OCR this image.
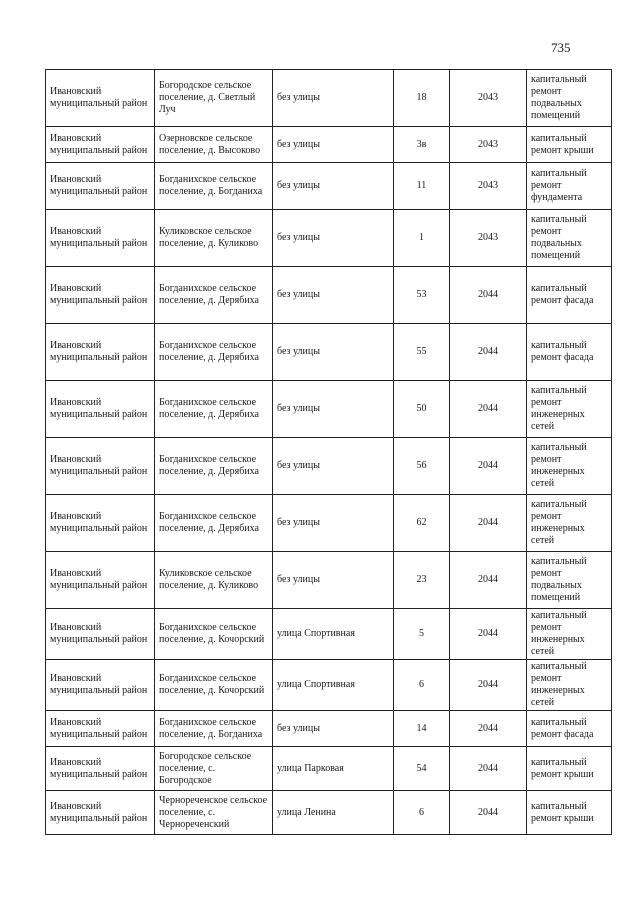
735
Ивановский муниципальный район	Богородское сельское поселение, д. Светлый Луч	без улицы	18	2043	капитальный ремонт подвальных помещений
Ивановский муниципальный район	Озерновское сельское поселение, д. Высоково	без улицы	3в	2043	капитальный ремонт крыши
Ивановский муниципальный район	Богданихское сельское поселение, д. Богданиха	без улицы	11	2043	капитальный ремонт фундамента
Ивановский муниципальный район	Куликовское сельское поселение, д. Куликово	без улицы	1	2043	капитальный ремонт подвальных помещений
Ивановский муниципальный район	Богданихское сельское поселение, д. Дерябиха	без улицы	53	2044	капитальный ремонт фасада
Ивановский муниципальный район	Богданихское сельское поселение, д. Дерябиха	без улицы	55	2044	капитальный ремонт фасада
Ивановский муниципальный район	Богданихское сельское поселение, д. Дерябиха	без улицы	50	2044	капитальный ремонт инженерных сетей
Ивановский муниципальный район	Богданихское сельское поселение, д. Дерябиха	без улицы	56	2044	капитальный ремонт инженерных сетей
Ивановский муниципальный район	Богданихское сельское поселение, д. Дерябиха	без улицы	62	2044	капитальный ремонт инженерных сетей
Ивановский муниципальный район	Куликовское сельское поселение, д. Куликово	без улицы	23	2044	капитальный ремонт подвальных помещений
Ивановский муниципальный район	Богданихское сельское поселение, д. Кочорский	улица Спортивная	5	2044	капитальный ремонт инженерных сетей
Ивановский муниципальный район	Богданихское сельское поселение, д. Кочорский	улица Спортивная	6	2044	капитальный ремонт инженерных сетей
Ивановский муниципальный район	Богданихское сельское поселение, д. Богданиха	без улицы	14	2044	капитальный ремонт фасада
Ивановский муниципальный район	Богородское сельское поселение, с. Богородское	улица Парковая	54	2044	капитальный ремонт крыши
Ивановский муниципальный район	Чернореченское сельское поселение, с. Чернореченский	улица Ленина	6	2044	капитальный ремонт крыши
